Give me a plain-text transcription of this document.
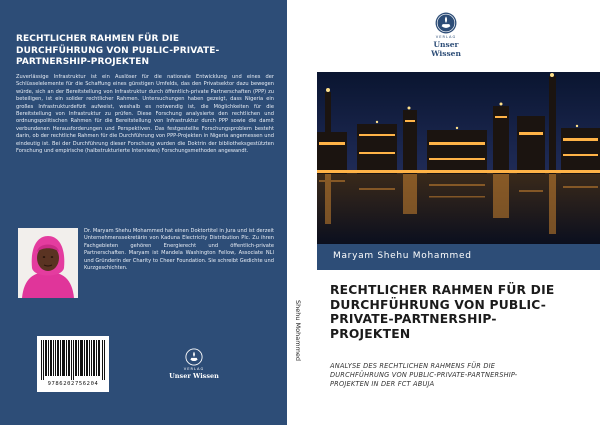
RECHTLICHER RAHMEN FÜR DIE
DURCHFÜHRUNG VON PUBLIC-PRIVATE-
PARTNERSHIP-PROJEKTEN
Zuverlässige Infrastruktur ist ein Auslöser für die nationale Entwicklung und eines der Schlüsselelemente für die Schaffung eines günstigen Umfelds, das den Privatsektor dazu bewegen würde, sich an der Bereitstellung von Infrastruktur durch öffentlich-private Partnerschaften (PPP) zu beteiligen, ist ein solider rechtlicher Rahmen. Untersuchungen haben gezeigt, dass Nigeria ein großes Infrastrukturdefizit aufweist, weshalb es notwendig ist, die Möglichkeiten für die Bereitstellung von Infrastruktur zu prüfen. Diese Forschung analysierte den rechtlichen und ordnungspolitischen Rahmen für die Bereitstellung von Infrastruktur durch PPP sowie die damit verbundenen Herausforderungen und Perspektiven. Das festgestellte Forschungsproblem besteht darin, ob der rechtliche Rahmen für die Durchführung von PPP-Projekten in Nigeria angemessen und eindeutig ist. Bei der Durchführung dieser Forschung wurden die Doktrin der bibliotheksgestützten Forschung und empirische (halbstrukturierte Interviews) Forschungsmethoden angewandt.
Dr. Maryam Shehu Mohammed hat einen Doktortitel in Jura und ist derzeit Unternehmenssekretärin von Kaduna Electricity Distribution Plc. Zu ihren Fachgebieten gehören Energierecht und öffentlich-private Partnerschaften. Maryam ist Mandela Washington Fellow, Associate NLI und Gründerin der Charity to Cheer Foundation. Sie schreibt Gedichte und Kurzgeschichten.
9786202756204
VERLAG
Unser Wissen
Shehu Mohammed
VERLAG
Unser Wissen
Maryam Shehu Mohammed
RECHTLICHER RAHMEN FÜR DIE
DURCHFÜHRUNG VON PUBLIC-
PRIVATE-PARTNERSHIP-
PROJEKTEN
ANALYSE DES RECHTLICHEN RAHMENS FÜR DIE
DURCHFÜHRUNG VON PUBLIC-PRIVATE-PARTNERSHIP-
PROJEKTEN IN DER FCT ABUJA
